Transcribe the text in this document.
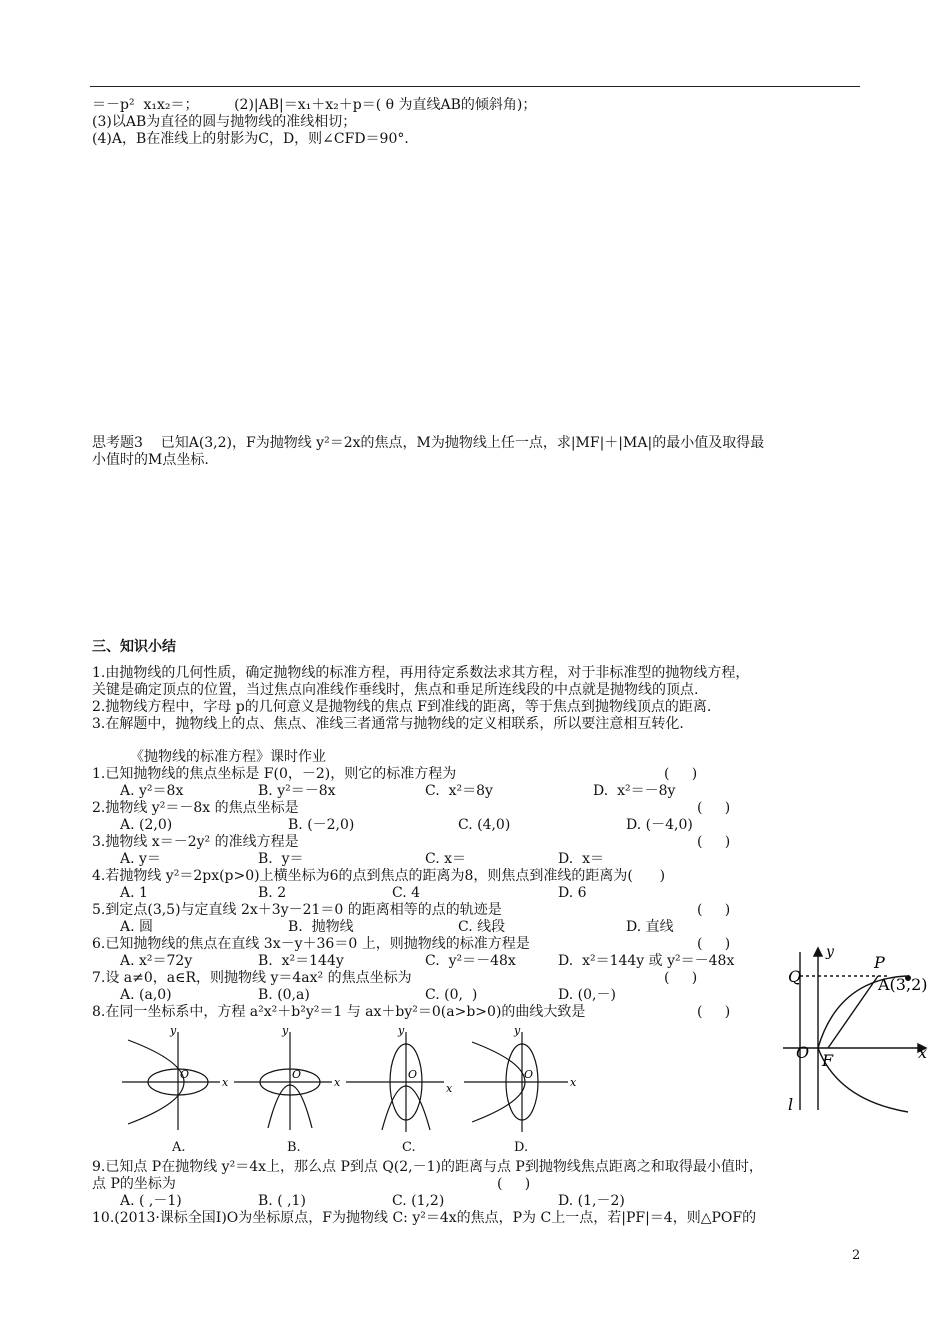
＝－p²  x₁x₂＝；        (2)|AB|＝x₁＋x₂＋p＝( θ 为直线AB的倾斜角)；
(3)以AB为直径的圆与抛物线的准线相切；
(4)A，B在准线上的射影为C，D，则∠CFD＝90°．
思考题3    已知A(3,2)，F为抛物线 y²＝2x的焦点，M为抛物线上任一点，求|MF|＋|MA|的最小值及取得最
小值时的M点坐标.
三、知识小结
1.由抛物线的几何性质，确定抛物线的标准方程，再用待定系数法求其方程，对于非标准型的抛物线方程，
关键是确定顶点的位置，当过焦点向准线作垂线时，焦点和垂足所连线段的中点就是抛物线的顶点.
2.抛物线方程中，字母 p的几何意义是抛物线的焦点 F到准线的距离，等于焦点到抛物线顶点的距离.
3.在解题中，抛物线上的点、焦点、准线三者通常与抛物线的定义相联系，所以要注意相互转化.
《抛物线的标准方程》课时作业
1.已知抛物线的焦点坐标是 F(0，－2)，则它的标准方程为	(     )
A. y²＝8x	B. y²＝－8x	C.  x²＝8y	D.  x²＝－8y
2.抛物线 y²＝－8x 的焦点坐标是	(     )
A. (2,0)	B. (－2,0)	C. (4,0)	D. (－4,0)
3.抛物线 x＝－2y² 的准线方程是	(     )
A. y＝	B.  y＝	C. x＝	D.  x＝
4.若抛物线 y²＝2px(p>0)上横坐标为6的点到焦点的距离为8，则焦点到准线的距离为(      )
A. 1	B. 2	C. 4	D. 6
5.到定点(3,5)与定直线 2x＋3y－21＝0 的距离相等的点的轨迹是	(     )
A. 圆	B.  抛物线	C. 线段	D. 直线
6.已知抛物线的焦点在直线 3x－y＋36＝0 上，则抛物线的标准方程是	(     )
A. x²＝72y	B.  x²＝144y	C.  y²＝－48x	D.  x²＝144y 或 y²＝－48x
7.设 a≠0，a∈R，则抛物线 y＝4ax² 的焦点坐标为	(     )
A. (a,0)	B. (0,a)	C. (0,  )	D. (0,－)
8.在同一坐标系中，方程 a²x²＋b²y²＝1 与 ax＋by²＝0(a>b>0)的曲线大致是	(     )
y
x
O
y
x
O
y
x
O
y
x
O
A.	B.	C.	D.
Q
y
P
A(3,2)
O F	x
l
9.已知点 P在抛物线 y²＝4x上，那么点 P到点 Q(2,－1)的距离与点 P到抛物线焦点距离之和取得最小值时，
点 P的坐标为	(     )
A. ( ,－1)	B. ( ,1)	C. (1,2)	D. (1,－2)
10.(2013·课标全国Ⅰ)O为坐标原点，F为抛物线 C: y²＝4x的焦点，P为 C上一点，若|PF|＝4，则△POF的
2
